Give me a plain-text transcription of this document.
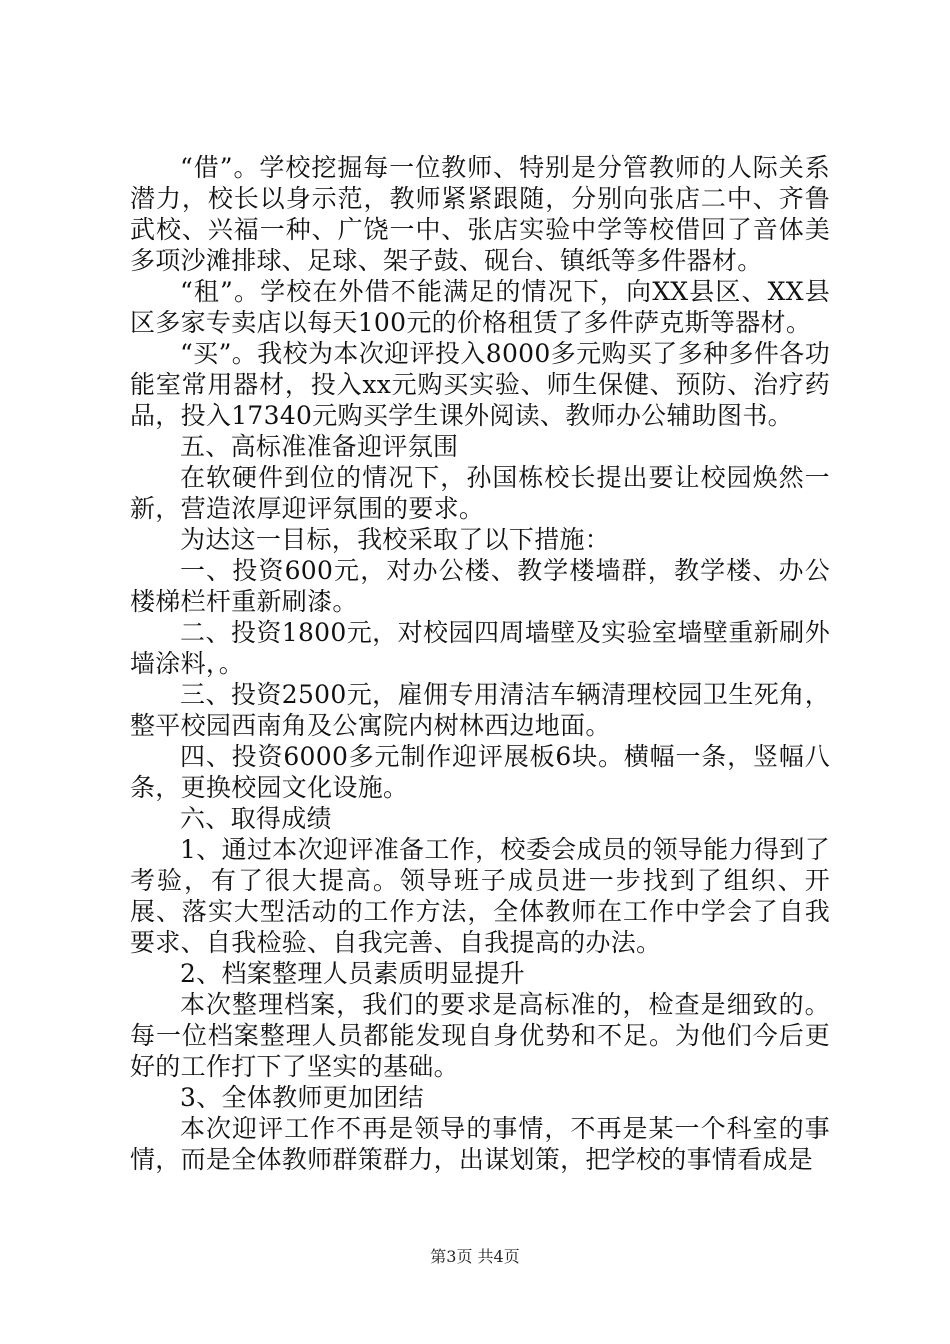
“借”。学校挖掘每一位教师、特别是分管教师的人际关系潜力，校长以身示范，教师紧紧跟随，分别向张店二中、齐鲁武校、兴福一种、广饶一中、张店实验中学等校借回了音体美多项沙滩排球、足球、架子鼓、砚台、镇纸等多件器材。

“租”。学校在外借不能满足的情况下，向XX县区、XX县区多家专卖店以每天100元的价格租赁了多件萨克斯等器材。

“买”。我校为本次迎评投入8000多元购买了多种多件各功能室常用器材，投入xx元购买实验、师生保健、预防、治疗药品，投入17340元购买学生课外阅读、教师办公辅助图书。

五、高标准准备迎评氛围

在软硬件到位的情况下，孙国栋校长提出要让校园焕然一新，营造浓厚迎评氛围的要求。

为达这一目标，我校采取了以下措施：

一、投资600元，对办公楼、教学楼墙群，教学楼、办公楼梯栏杆重新刷漆。

二、投资1800元，对校园四周墙壁及实验室墙壁重新刷外墙涂料，。

三、投资2500元，雇佣专用清洁车辆清理校园卫生死角，整平校园西南角及公寓院内树林西边地面。

四、投资6000多元制作迎评展板6块。横幅一条，竖幅八条，更换校园文化设施。

六、取得成绩

1、通过本次迎评准备工作，校委会成员的领导能力得到了考验，有了很大提高。领导班子成员进一步找到了组织、开展、落实大型活动的工作方法，全体教师在工作中学会了自我要求、自我检验、自我完善、自我提高的办法。

2、档案整理人员素质明显提升

本次整理档案，我们的要求是高标准的，检查是细致的。每一位档案整理人员都能发现自身优势和不足。为他们今后更好的工作打下了坚实的基础。

3、全体教师更加团结

本次迎评工作不再是领导的事情，不再是某一个科室的事情，而是全体教师群策群力，出谋划策，把学校的事情看成是

第3页 共4页
